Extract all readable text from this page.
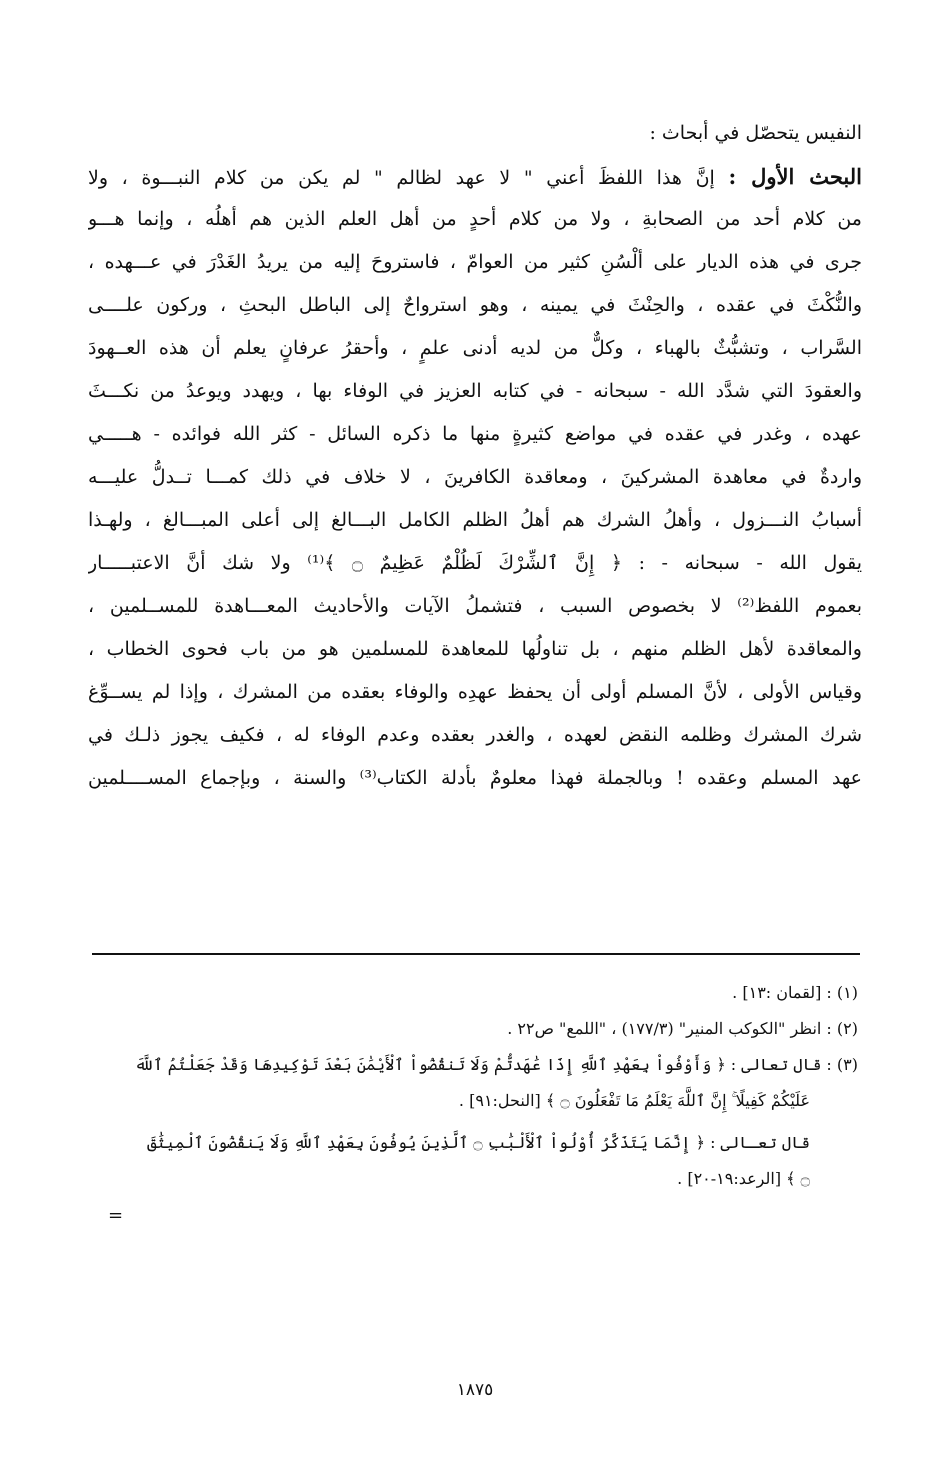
النفيس يتحصّل في أبحاث :
البحث الأول : إنَّ هذا اللفظَ أعني " لا عهد لظالم " لم يكن من كلام النبـــوة ، ولا
من كلام أحد من الصحابةِ ، ولا من كلام أحدٍ من أهل العلم الذين هم أهلُه ، وإنما هـــو
جرى في هذه الديار على ألْسُنِ كثير من العوامّ ، فاستروحَ إليه من يريدُ الغَدْرَ في عـــهده ،
والنُّكْثَ في عقده ، والحِنْثَ في يمينه ، وهو استرواحٌ إلى الباطل البحثِ ، وركون علــــى
السَّراب ، وتشبُّثٌ بالهباء ، وكلٌّ من لديه أدنى علمٍ ، وأحقرُ عرفانٍ يعلم أن هذه العــهودَ
والعقودَ التي شدَّد الله - سبحانه - في كتابه العزيز في الوفاء بها ، ويهدد ويوعدُ من نكـــثَ
عهده ، وغدر في عقده في مواضع كثيرةٍ منها ما ذكره السائل - كثر الله فوائده - هـــــي
واردةٌ في معاهدة المشركينَ ، ومعاقدة الكافرينَ ، لا خلاف في ذلك كمـــا تــدلُّ عليـــه
أسبابُ النـــزول ، وأهلُ الشرك هم أهلُ الظلم الكامل البـــالغ إلى أعلى المبـــالغ ، ولهـذا
يقول الله - سبحانه - : ﴿ إِنَّ ٱلشِّرْكَ لَظُلْمٌ عَظِيمٌ ۝ ﴾⁽¹⁾ ولا شك أنَّ الاعتبـــــار
بعموم اللفظ⁽²⁾ لا بخصوص السبب ، فتشملُ الآيات والأحاديث المعـــاهدة للمســلمين ،
والمعاقدة لأهل الظلم منهم ، بل تناولُها للمعاهدة للمسلمين هو من باب فحوى الخطاب ،
وقياس الأولى ، لأنَّ المسلم أولى أن يحفظ عهدِه والوفاء بعقده من المشرك ، وإذا لم يســوِّغ
شرك المشرك وظلمه النقض لعهده ، والغدر بعقده وعدم الوفاء له ، فكيف يجوز ذلـك في
عهد المسلم وعقده ! وبالجملة فهذا معلومٌ بأدلة الكتاب⁽³⁾ والسنة ، وبإجماع المســــلمين
(١) : [لقمان :١٣] .
(٢) : انظر "الكوكب المنير" (١٧٧/٣) ، "اللمع" ص٢٢ .
(٣) : قال تعالى : ﴿ وَأَوْفُواْ بِعَهْدِ ٱللَّهِ إِذَا عَٰهَدتُّمْ وَلَا تَنقُضُواْ ٱلْأَيْمَٰنَ بَعْدَ تَوْكِيدِهَا وَقَدْ جَعَلْتُمُ ٱللَّهَ
عَلَيْكُمْ كَفِيلًا ۚ إِنَّ ٱللَّهَ يَعْلَمُ مَا تَفْعَلُونَ ۝ ﴾ [النحل:٩١] .
قال تعـالى : ﴿ إِنَّمَا يَتَذَكَّرُ أُوْلُواْ ٱلْأَلْبَٰبِ ۝ ٱلَّذِينَ يُوفُونَ بِعَهْدِ ٱللَّهِ وَلَا يَنقُضُونَ ٱلْمِيثَٰقَ
۝ ﴾ [الرعد:١٩-٢٠] .
=
١٨٧٥
